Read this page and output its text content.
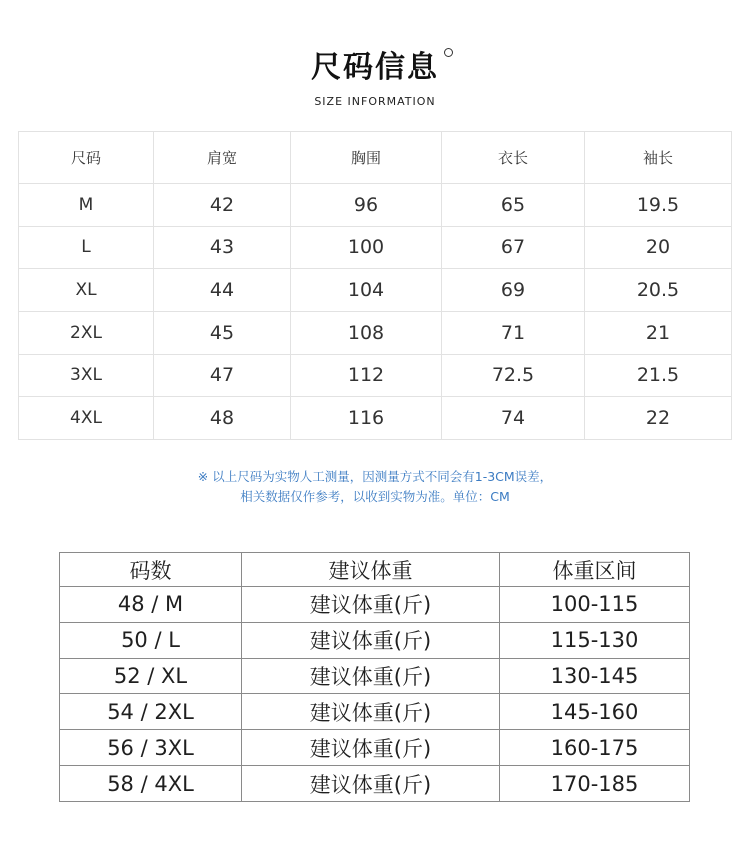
尺码信息
SIZE INFORMATION
尺码	肩宽	胸围	衣长	袖长
M	42	96	65	19.5
L	43	100	67	20
XL	44	104	69	20.5
2XL	45	108	71	21
3XL	47	112	72.5	21.5
4XL	48	116	74	22
※ 以上尺码为实物人工测量，因测量方式不同会有1-3CM误差，
相关数据仅作参考，以收到实物为准。单位：CM
码数	建议体重	体重区间
48 / M	建议体重(斤)	100-115
50 / L	建议体重(斤)	115-130
52 / XL	建议体重(斤)	130-145
54 / 2XL	建议体重(斤)	145-160
56 / 3XL	建议体重(斤)	160-175
58 / 4XL	建议体重(斤)	170-185
